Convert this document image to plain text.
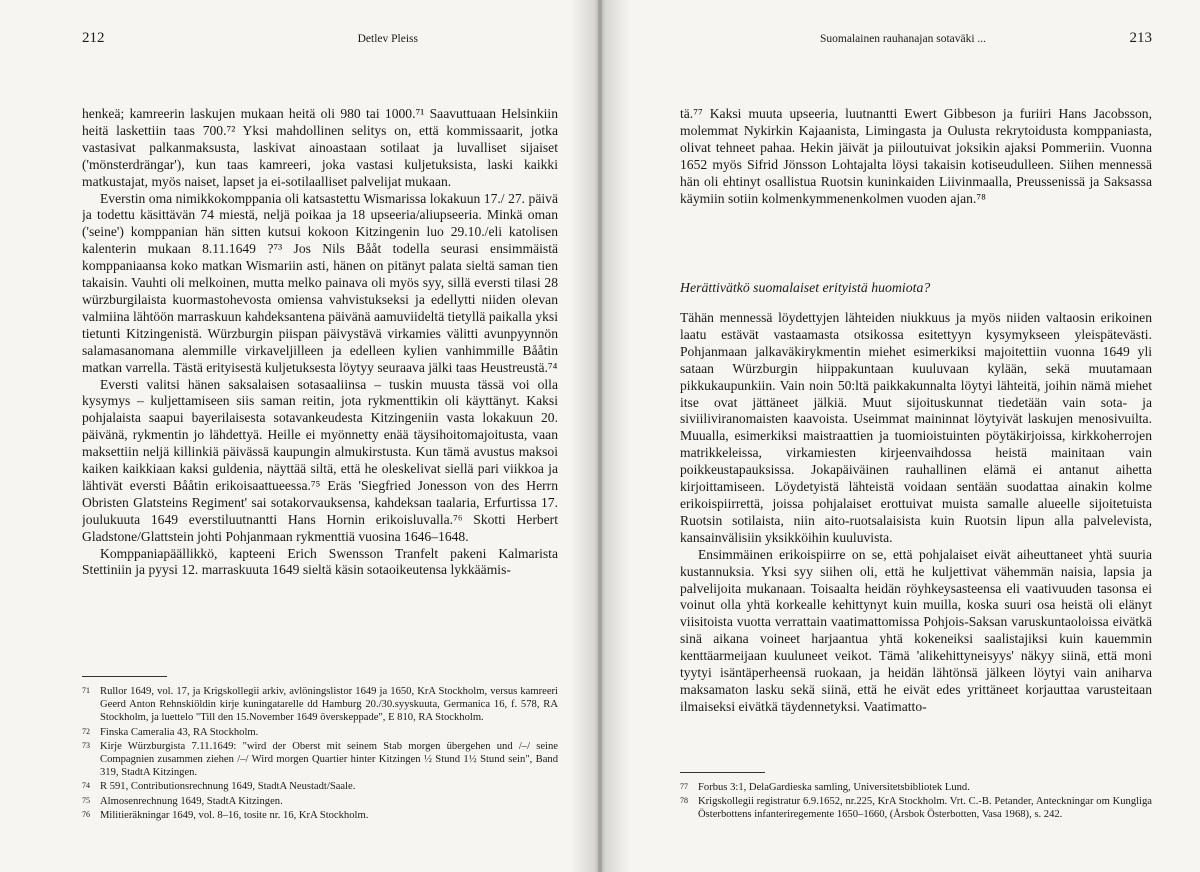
212	Detlev Pleiss

henkeä; kamreerin laskujen mukaan heitä oli 980 tai 1000.⁷¹ Saavuttuaan Helsinkiin heitä laskettiin taas 700.⁷² Yksi mahdollinen selitys on, että kommissaarit, jotka vastasivat palkanmaksusta, laskivat ainoastaan sotilaat ja luvalliset sijaiset ('mönsterdrängar'), kun taas kamreeri, joka vastasi kuljetuksista, laski kaikki matkustajat, myös naiset, lapset ja ei-sotilaalliset palvelijat mukaan.

Everstin oma nimikkokomppania oli katsastettu Wismarissa lokakuun 17./ 27. päivä ja todettu käsittävän 74 miestä, neljä poikaa ja 18 upseeria/aliupseeria. Minkä oman ('seine') komppanian hän sitten kutsui kokoon Kitzingenin luo 29.10./eli katolisen kalenterin mukaan 8.11.1649 ?⁷³ Jos Nils Bååt todella seurasi ensimmäistä komppaniaansa koko matkan Wismariin asti, hänen on pitänyt palata sieltä saman tien takaisin. Vauhti oli melkoinen, mutta melko painava oli myös syy, sillä eversti tilasi 28 würzburgilaista kuormastohevosta omiensa vahvistukseksi ja edellytti niiden olevan valmiina lähtöön marraskuun kahdeksantena päivänä aamuviideltä tietyllä paikalla yksi tietunti Kitzingenistä. Würzburgin piispan päivystävä virkamies välitti avunpyynnön salamasanomana alemmille virkaveljilleen ja edelleen kylien vanhimmille Bååtin matkan varrella. Tästä erityisestä kuljetuksesta löytyy seuraava jälki taas Heustreustä.⁷⁴

Eversti valitsi hänen saksalaisen sotasaaliinsa – tuskin muusta tässä voi olla kysymys – kuljettamiseen siis saman reitin, jota rykmenttikin oli käyttänyt. Kaksi pohjalaista saapui bayerilaisesta sotavankeudesta Kitzingeniin vasta lokakuun 20. päivänä, rykmentin jo lähdettyä. Heille ei myönnetty enää täysihoitomajoitusta, vaan maksettiin neljä killinkiä päivässä kaupungin almukirstusta. Kun tämä avustus maksoi kaiken kaikkiaan kaksi guldenia, näyttää siltä, että he oleskelivat siellä pari viikkoa ja lähtivät eversti Bååtin erikoisaattueessa.⁷⁵ Eräs 'Siegfried Jonesson von des Herrn Obristen Glatsteins Regiment' sai sotakorvauksensa, kahdeksan taalaria, Erfurtissa 17. joulukuuta 1649 everstiluutnantti Hans Hornin erikoisluvalla.⁷⁶ Skotti Herbert Gladstone/Glattstein johti Pohjanmaan rykmenttiä vuosina 1646–1648.

Komppaniapäällikkö, kapteeni Erich Swensson Tranfelt pakeni Kalmarista Stettiniin ja pyysi 12. marraskuuta 1649 sieltä käsin sotaoikeutensa lykkäämis-

71 Rullor 1649, vol. 17, ja Krigskollegii arkiv, avlöningslistor 1649 ja 1650, KrA Stockholm, versus kamreeri Geerd Anton Rehnskiöldin kirje kuningatarelle dd Hamburg 20./30.syyskuuta, Germanica 16, f. 578, RA Stockholm, ja luettelo "Till den 15.November 1649 överskeppade", E 810, RA Stockholm.
72 Finska Cameralia 43, RA Stockholm.
73 Kirje Würzburgista 7.11.1649: "wird der Oberst mit seinem Stab morgen übergehen und /–/ seine Compagnien zusammen ziehen /–/ Wird morgen Quartier hinter Kitzingen ½ Stund 1½ Stund sein", Band 319, StadtA Kitzingen.
74 R 591, Contributionsrechnung 1649, StadtA Neustadt/Saale.
75 Almosenrechnung 1649, StadtA Kitzingen.
76 Militieräkningar 1649, vol. 8–16, tosite nr. 16, KrA Stockholm.
Suomalainen rauhanajan sotaväki ...	213

tä.⁷⁷ Kaksi muuta upseeria, luutnantti Ewert Gibbeson ja furiiri Hans Jacobsson, molemmat Nykirkin Kajaanista, Limingasta ja Oulusta rekrytoidusta komppaniasta, olivat tehneet pahaa. Hekin jäivät ja piiloutuivat joksikin ajaksi Pommeriin. Vuonna 1652 myös Sifrid Jönsson Lohtajalta löysi takaisin kotiseudulleen. Siihen mennessä hän oli ehtinyt osallistua Ruotsin kuninkaiden Liivinmaalla, Preussenissä ja Saksassa käymiin sotiin kolmenkymmenenkolmen vuoden ajan.⁷⁸

Herättivätkö suomalaiset erityistä huomiota?

Tähän mennessä löydettyjen lähteiden niukkuus ja myös niiden valtaosin erikoinen laatu estävät vastaamasta otsikossa esitettyyn kysymykseen yleispätevästi. Pohjanmaan jalkaväkirykmentin miehet esimerkiksi majoitettiin vuonna 1649 yli sataan Würzburgin hiippakuntaan kuuluvaan kylään, sekä muutamaan pikkukaupunkiin. Vain noin 50:ltä paikkakunnalta löytyi lähteitä, joihin nämä miehet itse ovat jättäneet jälkiä. Muut sijoituskunnat tiedetään vain sota- ja siviiliviranomaisten kaavoista. Useimmat maininnat löytyivät laskujen menosivuilta. Muualla, esimerkiksi maistraattien ja tuomioistuinten pöytäkirjoissa, kirkkoherrojen matrikkeleissa, virkamiesten kirjeenvaihdossa heistä mainitaan vain poikkeustapauksissa. Jokapäiväinen rauhallinen elämä ei antanut aihetta kirjoittamiseen. Löydetyistä lähteistä voidaan sentään suodattaa ainakin kolme erikoispiirrettä, joissa pohjalaiset erottuivat muista samalle alueelle sijoitetuista Ruotsin sotilaista, niin aito-ruotsalaisista kuin Ruotsin lipun alla palvelevista, kansainvälisiin yksikköihin kuuluvista.

Ensimmäinen erikoispiirre on se, että pohjalaiset eivät aiheuttaneet yhtä suuria kustannuksia. Yksi syy siihen oli, että he kuljettivat vähemmän naisia, lapsia ja palvelijoita mukanaan. Toisaalta heidän röyhkeysasteensa eli vaativuuden tasonsa ei voinut olla yhtä korkealle kehittynyt kuin muilla, koska suuri osa heistä oli elänyt viisitoista vuotta verrattain vaatimattomissa Pohjois-Saksan varuskuntaoloissa eivätkä sinä aikana voineet harjaantua yhtä kokeneiksi saalistajiksi kuin kauemmin kenttäarmeijaan kuuluneet veikot. Tämä 'alikehittyneisyys' näkyy siinä, että moni tyytyi isäntäperheensä ruokaan, ja heidän lähtönsä jälkeen löytyi vain aniharva maksamaton lasku sekä siinä, että he eivät edes yrittäneet korjauttaa varusteitaan ilmaiseksi eivätkä täydennetyksi. Vaatimatto-

77 Forbus 3:1, DelaGardieska samling, Universitetsbibliotek Lund.
78 Krigskollegii registratur 6.9.1652, nr.225, KrA Stockholm. Vrt. C.-B. Petander, Anteckningar om Kungliga Österbottens infanteriregemente 1650–1660, (Årsbok Österbotten, Vasa 1968), s. 242.
